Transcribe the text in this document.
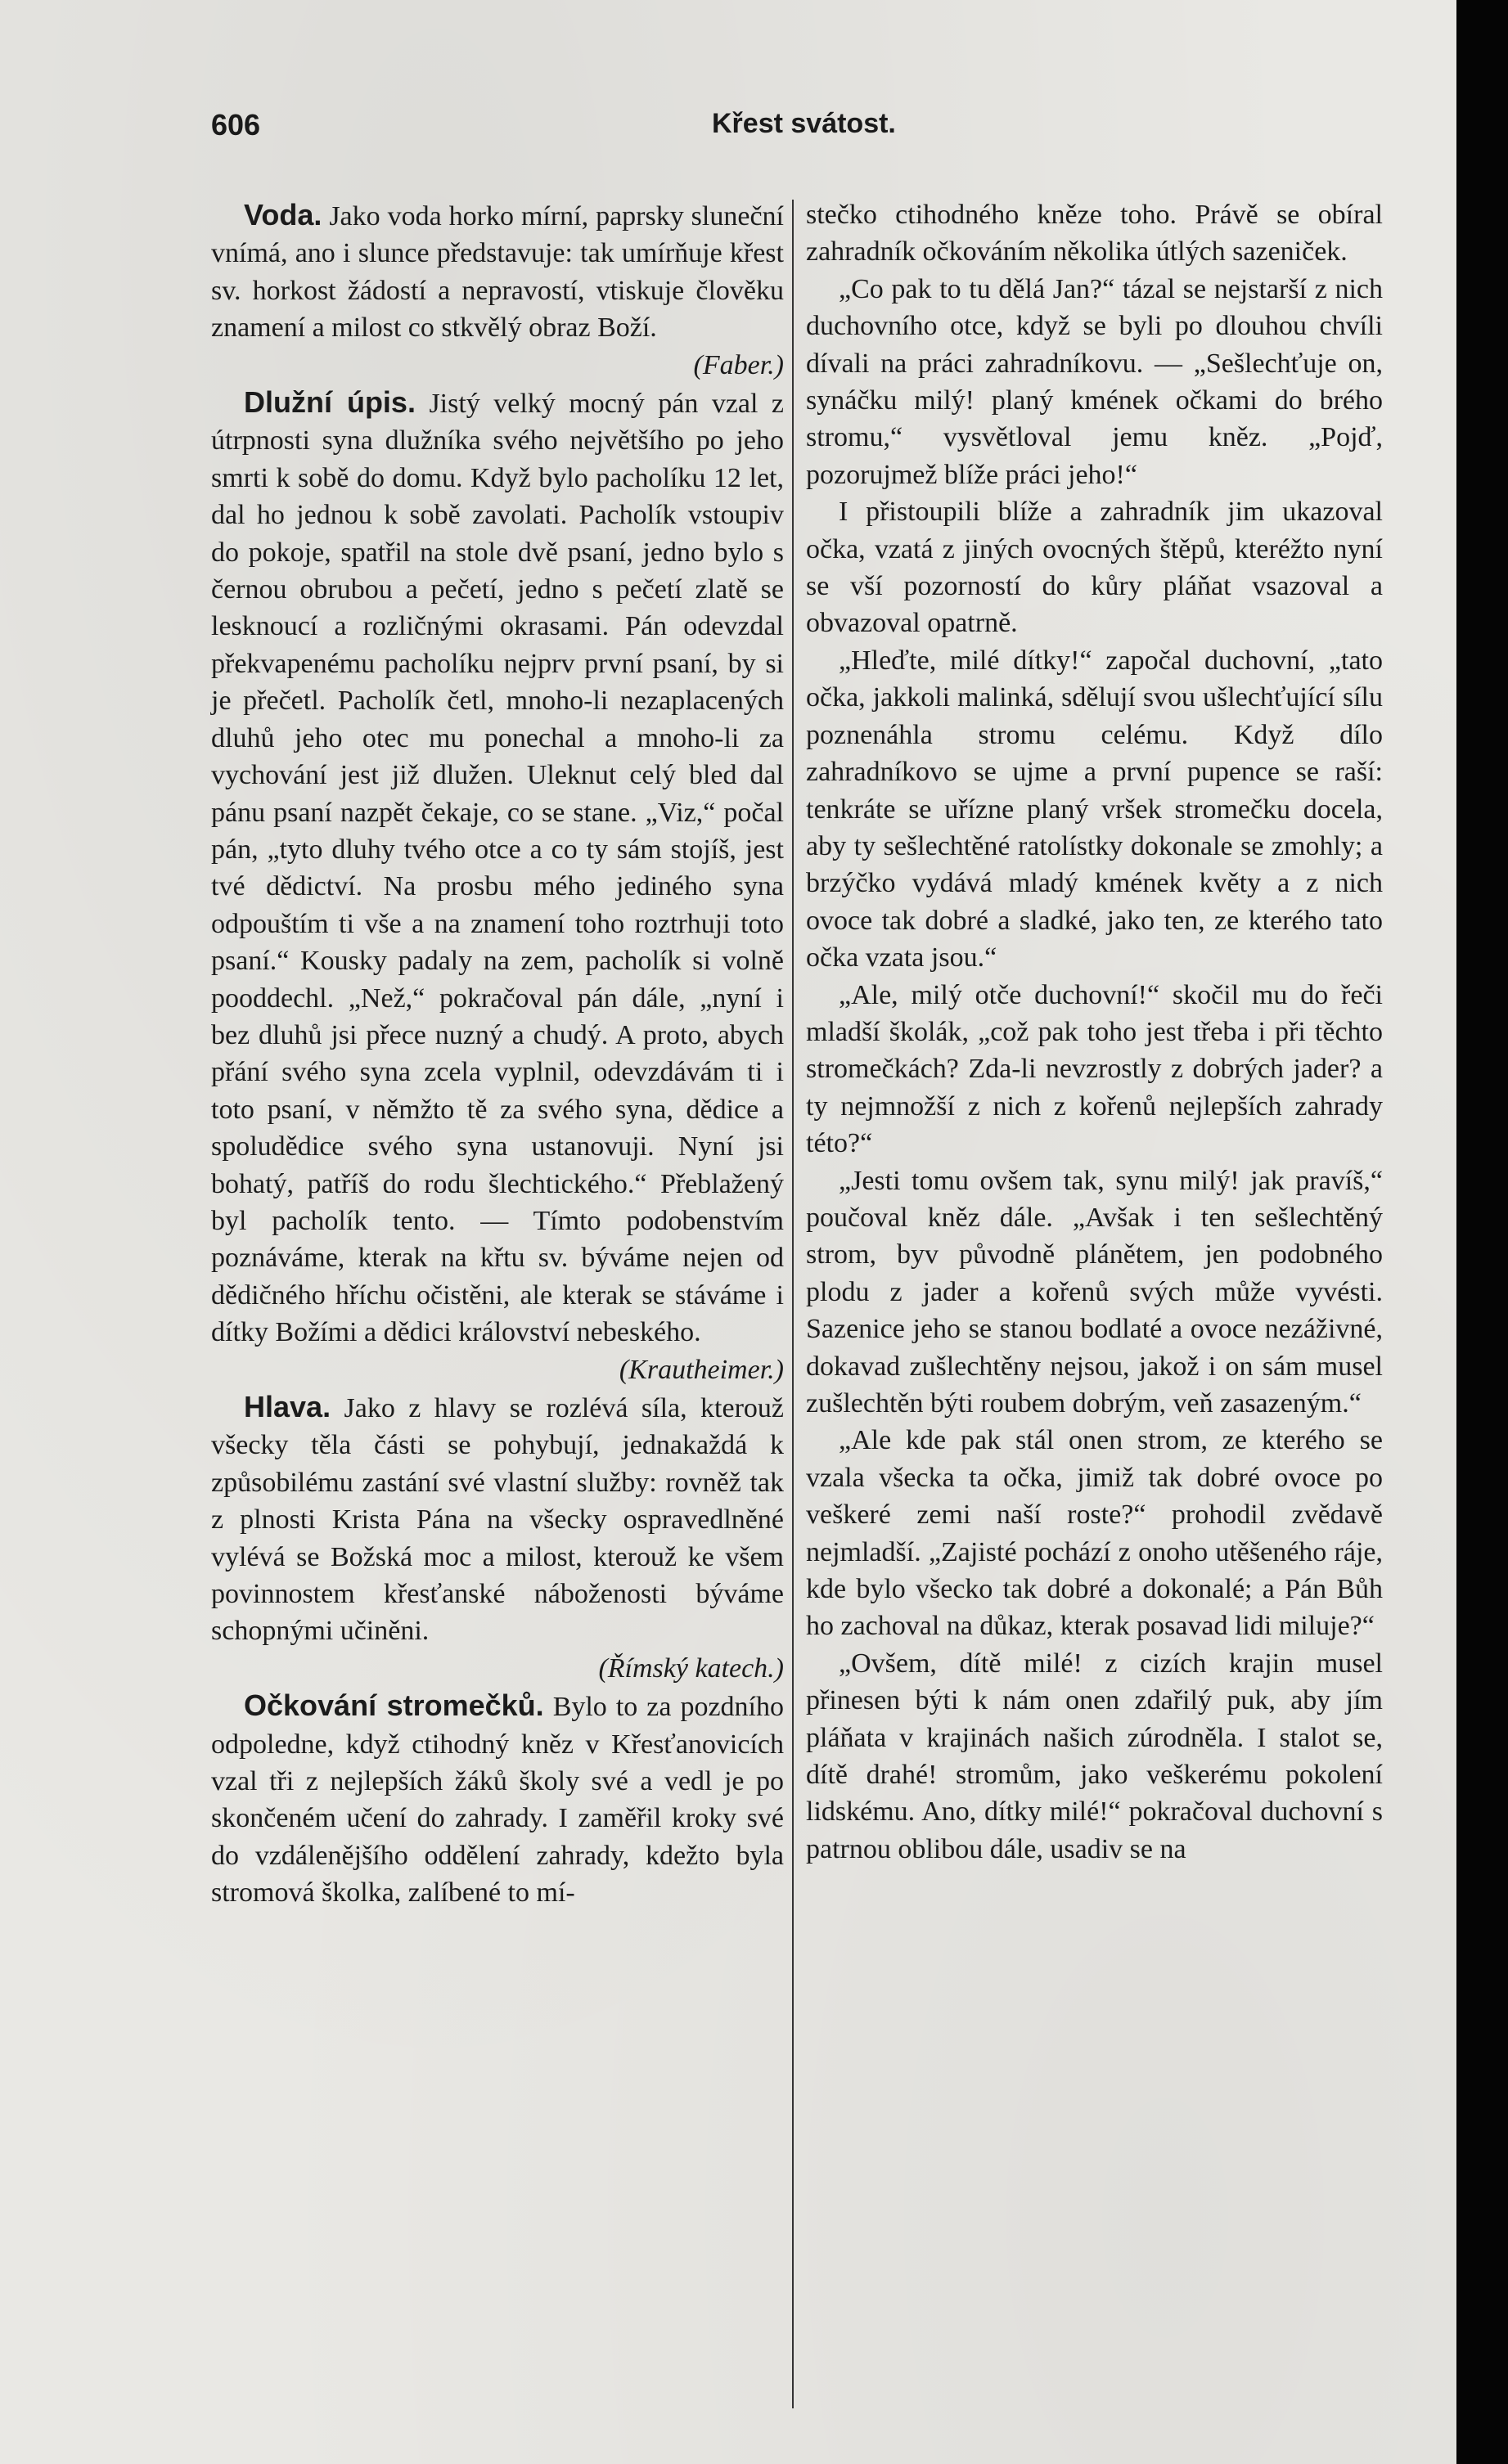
606	Křest svátost.

Voda. Jako voda horko mírní, paprsky sluneční vnímá, ano i slunce představuje: tak umírňuje křest sv. horkost žádostí a nepravostí, vtiskuje člověku znamení a milost co stkvělý obraz Boží.

(Faber.)

Dlužní úpis. Jistý velký mocný pán vzal z útrpnosti syna dlužníka svého největšího po jeho smrti k sobě do domu. Když bylo pacholíku 12 let, dal ho jednou k sobě zavolati. Pacholík vstoupiv do pokoje, spatřil na stole dvě psaní, jedno bylo s černou obrubou a pečetí, jedno s pečetí zlatě se lesknoucí a rozličnými okrasami. Pán odevzdal překvapenému pacholíku nejprv první psaní, by si je přečetl. Pacholík četl, mnoho-li nezaplacených dluhů jeho otec mu ponechal a mnoho-li za vychování jest již dlužen. Uleknut celý bled dal pánu psaní nazpět čekaje, co se stane. „Viz,“ počal pán, „tyto dluhy tvého otce a co ty sám stojíš, jest tvé dědictví. Na prosbu mého jediného syna odpouštím ti vše a na znamení toho roztrhuji toto psaní.“ Kousky padaly na zem, pacholík si volně pooddechl. „Než,“ pokračoval pán dále, „nyní i bez dluhů jsi přece nuzný a chudý. A proto, abych přání svého syna zcela vyplnil, odevzdávám ti i toto psaní, v němžto tě za svého syna, dědice a spoludědice svého syna ustanovuji. Nyní jsi bohatý, patříš do rodu šlechtického.“ Přeblažený byl pacholík tento. — Tímto podobenstvím poznáváme, kterak na křtu sv. býváme nejen od dědičného hříchu očistěni, ale kterak se stáváme i dítky Božími a dědici království nebeského.

(Krautheimer.)

Hlava. Jako z hlavy se rozlévá síla, kterouž všecky těla části se pohybují, jednakaždá k způsobilému zastání své vlastní služby: rovněž tak z plnosti Krista Pána na všecky ospravedlněné vylévá se Božská moc a milost, kterouž ke všem povinnostem křesťanské náboženosti býváme schopnými učiněni.

(Římský katech.)

Očkování stromečků. Bylo to za pozdního odpoledne, když ctihodný kněz v Křesťanovicích vzal tři z nejlepších žáků školy své a vedl je po skončeném učení do zahrady. I zaměřil kroky své do vzdálenějšího oddělení zahrady, kdežto byla stromová školka, zalíbené to mí-

stečko ctihodného kněze toho. Právě se obíral zahradník očkováním několika útlých sazeniček.

„Co pak to tu dělá Jan?“ tázal se nejstarší z nich duchovního otce, když se byli po dlouhou chvíli dívali na práci zahradníkovu. — „Sešlechťuje on, synáčku milý! planý kmének očkami do brého stromu,“ vysvětloval jemu kněz. „Pojď, pozorujmež blíže práci jeho!“

I přistoupili blíže a zahradník jim ukazoval očka, vzatá z jiných ovocných štěpů, kteréžto nyní se vší pozorností do kůry pláňat vsazoval a obvazoval opatrně.

„Hleďte, milé dítky!“ započal duchovní, „tato očka, jakkoli malinká, sdělují svou ušlechťující sílu poznenáhla stromu celému. Když dílo zahradníkovo se ujme a první pupence se raší: tenkráte se uřízne planý vršek stromečku docela, aby ty sešlechtěné ratolístky dokonale se zmohly; a brzýčko vydává mladý kmének květy a z nich ovoce tak dobré a sladké, jako ten, ze kterého tato očka vzata jsou.“

„Ale, milý otče duchovní!“ skočil mu do řeči mladší školák, „což pak toho jest třeba i při těchto stromečkách? Zda-li nevzrostly z dobrých jader? a ty nejmnožší z nich z kořenů nejlepších zahrady této?“

„Jesti tomu ovšem tak, synu milý! jak pravíš,“ poučoval kněz dále. „Avšak i ten sešlechtěný strom, byv původně plánětem, jen podobného plodu z jader a kořenů svých může vyvésti. Sazenice jeho se stanou bodlaté a ovoce nezáživné, dokavad zušlechtěny nejsou, jakož i on sám musel zušlechtěn býti roubem dobrým, veň zasazeným.“

„Ale kde pak stál onen strom, ze kterého se vzala všecka ta očka, jimiž tak dobré ovoce po veškeré zemi naší roste?“ prohodil zvědavě nejmladší. „Zajisté pochází z onoho utěšeného ráje, kde bylo všecko tak dobré a dokonalé; a Pán Bůh ho zachoval na důkaz, kterak posavad lidi miluje?“

„Ovšem, dítě milé! z cizích krajin musel přinesen býti k nám onen zdařilý puk, aby jím pláňata v krajinách našich zúrodněla. I stalot se, dítě drahé! stromům, jako veškerému pokolení lidskému. Ano, dítky milé!“ pokračoval duchovní s patrnou oblibou dále, usadiv se na
